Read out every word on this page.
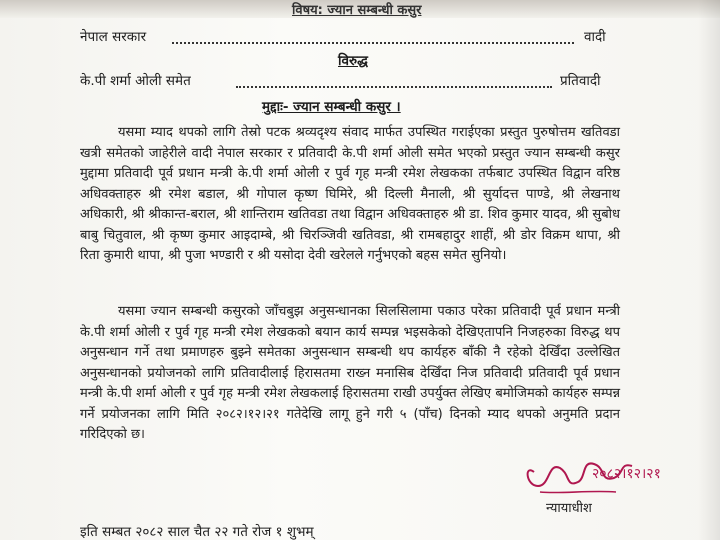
विषय: ज्यान सम्बन्धी कसुर
नेपाल सरकार	वादी
विरुद्ध
के.पी शर्मा ओली समेत	प्रतिवादी
मुद्दाः- ज्यान सम्बन्धी कसुर ।
यसमा म्याद थपको लागि तेस्रो पटक श्रव्यदृश्य संवाद मार्फत उपस्थित गराईएका प्रस्तुत पुरुषोत्तम खतिवडा खत्री समेतको जाहेरीले वादी नेपाल सरकार र प्रतिवादी के.पी शर्मा ओली समेत भएको प्रस्तुत ज्यान सम्बन्धी कसुर मुद्दामा प्रतिवादी पूर्व प्रधान मन्त्री के.पी शर्मा ओली र पुर्व गृह मन्त्री रमेश लेखकका तर्फबाट उपस्थित विद्वान वरिष्ठ अधिवक्ताहरु श्री रमेश बडाल, श्री गोपाल कृष्ण घिमिरे, श्री दिल्ली मैनाली, श्री सुर्यादत्त पाण्डे, श्री लेखनाथ अधिकारी, श्री श्रीकान्त-बराल, श्री शान्तिराम खतिवडा तथा विद्वान अधिवक्ताहरु श्री डा. शिव कुमार यादव, श्री सुबोध बाबु चितुवाल, श्री कृष्ण कुमार आइदाम्बे, श्री चिरञ्जिवी खतिवडा, श्री रामबहादुर शाहीं, श्री डोर विक्रम थापा, श्री रिता कुमारी थापा, श्री पुजा भण्डारी र श्री यसोदा देवी खरेलले गर्नुभएको बहस समेत सुनियो।
यसमा ज्यान सम्बन्धी कसुरको जाँचबुझ अनुसन्धानका सिलसिलामा पकाउ परेका प्रतिवादी पूर्व प्रधान मन्त्री के.पी शर्मा ओली र पुर्व गृह मन्त्री रमेश लेखकको बयान कार्य सम्पन्न भइसकेको देखिएतापनि निजहरुका विरुद्ध थप अनुसन्धान गर्ने तथा प्रमाणहरु बुझ्ने समेतका अनुसन्धान सम्बन्धी थप कार्यहरु बाँकी नै रहेको देखिँदा उल्लेखित अनुसन्धानको प्रयोजनको लागि प्रतिवादीलाई हिरासतमा राख्न मनासिब देखिँदा निज प्रतिवादी प्रतिवादी पूर्व प्रधान मन्त्री के.पी शर्मा ओली र पुर्व गृह मन्त्री रमेश लेखकलाई हिरासतमा राखी उपर्युक्त लेखिए बमोजिमको कार्यहरु सम्पन्न गर्ने प्रयोजनका लागि मिति २०८२।१२।२१ गतेदेखि लागू हुने गरी ५ (पाँच) दिनको म्याद थपको अनुमति प्रदान गरिदिएको छ।
२०८२।१२।२१
न्यायाधीश
इति सम्बत २०८२ साल चैत २२ गते रोज १ शुभम्
